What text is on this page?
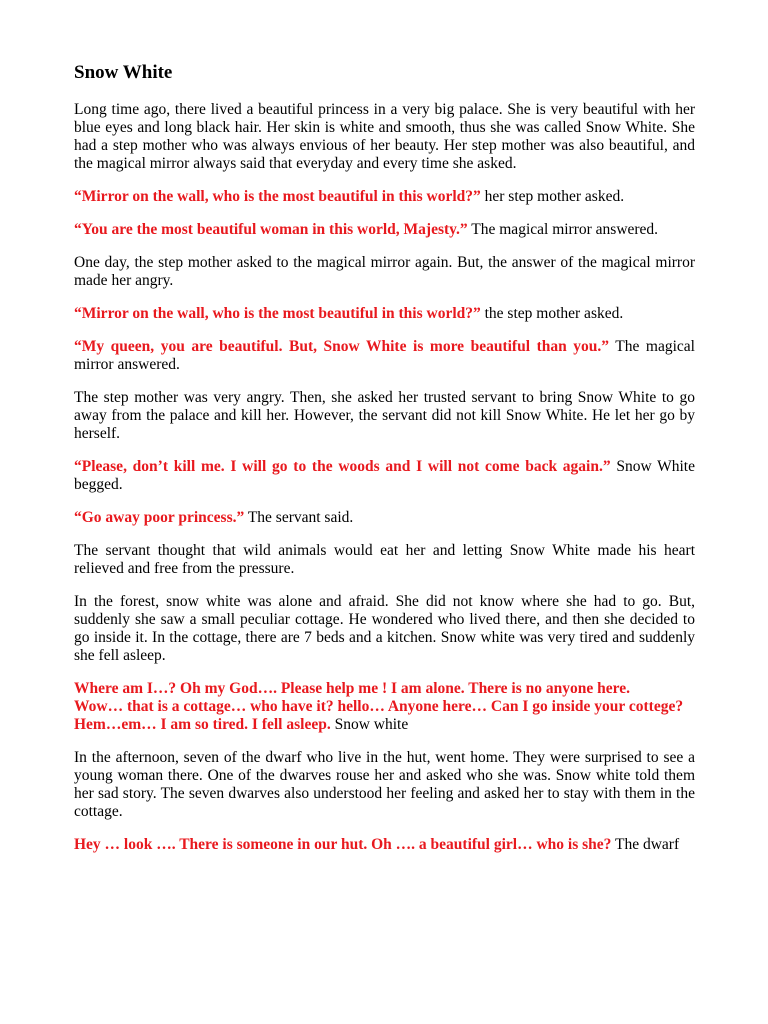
Snow White

Long time ago, there lived a beautiful princess in a very big palace. She is very beautiful with her blue eyes and long black hair. Her skin is white and smooth, thus she was called Snow White. She had a step mother who was always envious of her beauty. Her step mother was also beautiful, and the magical mirror always said that everyday and every time she asked.

“Mirror on the wall, who is the most beautiful in this world?” her step mother asked.

“You are the most beautiful woman in this world, Majesty.” The magical mirror answered.

One day, the step mother asked to the magical mirror again. But, the answer of the magical mirror made her angry.

“Mirror on the wall, who is the most beautiful in this world?” the step mother asked.

“My queen, you are beautiful. But, Snow White is more beautiful than you.” The magical mirror answered.

The step mother was very angry. Then, she asked her trusted servant to bring Snow White to go away from the palace and kill her. However, the servant did not kill Snow White. He let her go by herself.

“Please, don’t kill me. I will go to the woods and I will not come back again.” Snow White begged.

“Go away poor princess.” The servant said.

The servant thought that wild animals would eat her and letting Snow White made his heart relieved and free from the pressure.

In the forest, snow white was alone and afraid. She did not know where she had to go. But, suddenly she saw a small peculiar cottage. He wondered who lived there, and then she decided to go inside it. In the cottage, there are 7 beds and a kitchen. Snow white was very tired and suddenly she fell asleep.

Where am I…? Oh my God…. Please help me ! I am alone. There is no anyone here.
Wow… that is a cottage… who have it? hello… Anyone here… Can I go inside your cottege?
Hem…em… I am so tired. I fell asleep. Snow white

In the afternoon, seven of the dwarf who live in the hut, went home. They were surprised to see a young woman there. One of the dwarves rouse her and asked who she was. Snow white told them her sad story. The seven dwarves also understood her feeling and asked her to stay with them in the cottage.

Hey … look …. There is someone in our hut. Oh …. a beautiful girl… who is she? The dwarf
